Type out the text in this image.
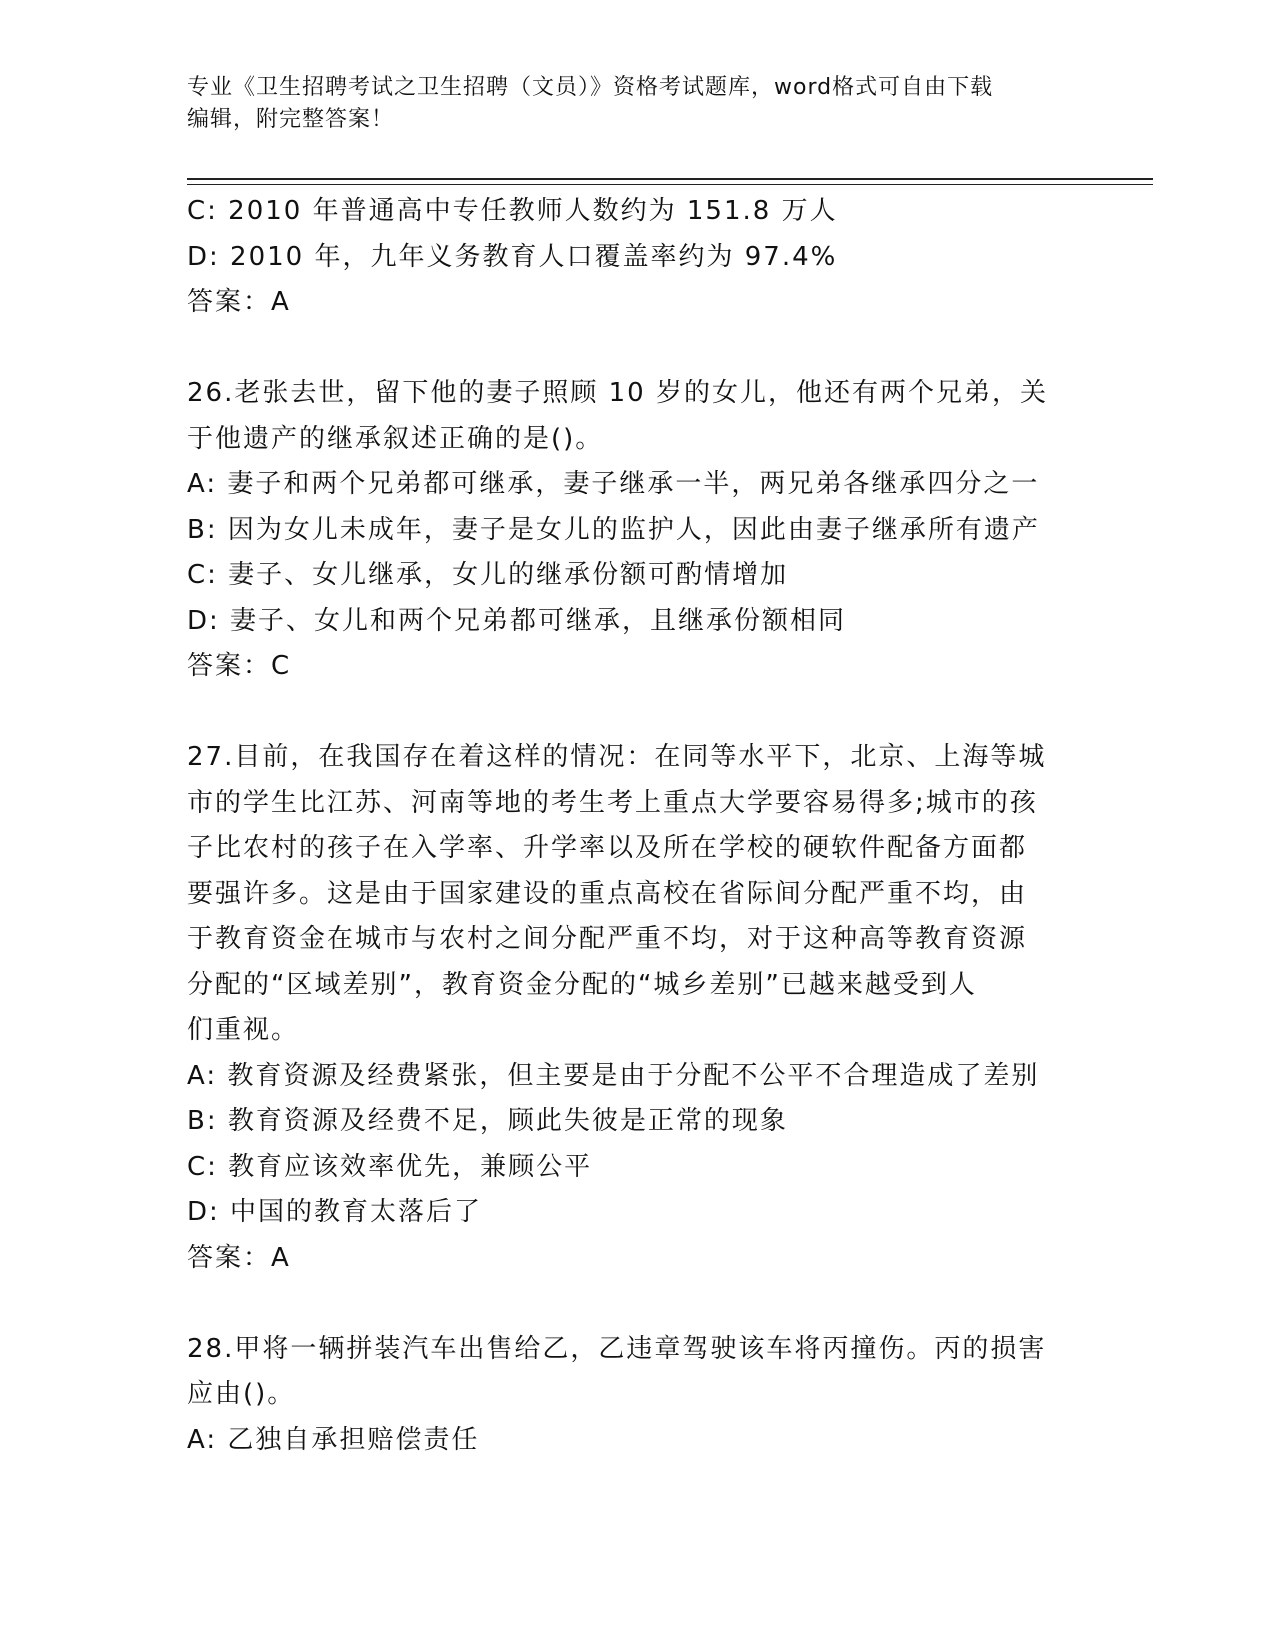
专业《卫生招聘考试之卫生招聘（文员）》资格考试题库，word格式可自由下载
编辑，附完整答案！

C: 2010 年普通高中专任教师人数约为 151.8 万人

D: 2010 年，九年义务教育人口覆盖率约为 97.4%

答案：A

26.老张去世，留下他的妻子照顾 10 岁的女儿，他还有两个兄弟，关

于他遗产的继承叙述正确的是()。

A: 妻子和两个兄弟都可继承，妻子继承一半，两兄弟各继承四分之一

B: 因为女儿未成年，妻子是女儿的监护人，因此由妻子继承所有遗产

C: 妻子、女儿继承，女儿的继承份额可酌情增加

D: 妻子、女儿和两个兄弟都可继承，且继承份额相同

答案：C

27.目前，在我国存在着这样的情况：在同等水平下，北京、上海等城

市的学生比江苏、河南等地的考生考上重点大学要容易得多;城市的孩

子比农村的孩子在入学率、升学率以及所在学校的硬软件配备方面都

要强许多。这是由于国家建设的重点高校在省际间分配严重不均，由

于教育资金在城市与农村之间分配严重不均，对于这种高等教育资源

分配的“区域差别”，教育资金分配的“城乡差别”已越来越受到人

们重视。

A: 教育资源及经费紧张，但主要是由于分配不公平不合理造成了差别

B: 教育资源及经费不足，顾此失彼是正常的现象

C: 教育应该效率优先，兼顾公平

D: 中国的教育太落后了

答案：A

28.甲将一辆拼装汽车出售给乙，乙违章驾驶该车将丙撞伤。丙的损害

应由()。

A: 乙独自承担赔偿责任
